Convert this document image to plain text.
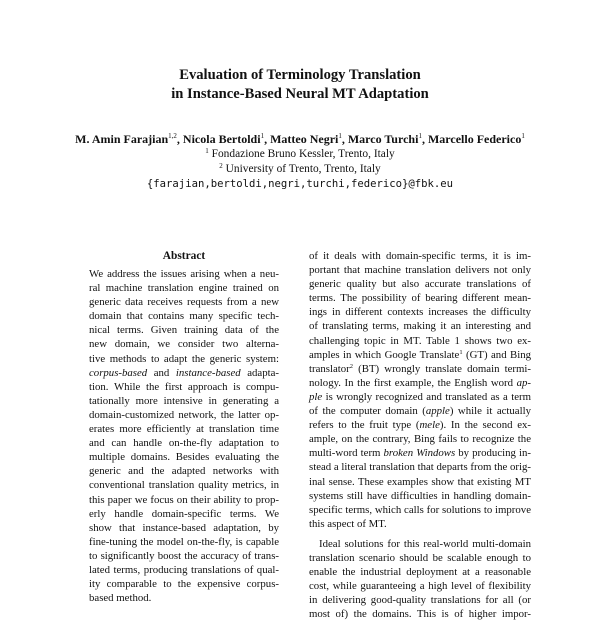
Evaluation of Terminology Translation
in Instance-Based Neural MT Adaptation
M. Amin Farajian$^{1,2}$, Nicola Bertoldi$^1$, Matteo Negri$^1$, Marco Turchi$^1$, Marcello Federico$^1$
$^1$ Fondazione Bruno Kessler, Trento, Italy
$^2$ University of Trento, Trento, Italy
{farajian,bertoldi,negri,turchi,federico}@fbk.eu
Abstract
We address the issues arising when a neu-
ral machine translation engine trained on
generic data receives requests from a new
domain that contains many specific tech-
nical terms. Given training data of the
new domain, we consider two alterna-
tive methods to adapt the generic system:
corpus-based and instance-based adapta-
tion. While the first approach is compu-
tationally more intensive in generating a
domain-customized network, the latter op-
erates more efficiently at translation time
and can handle on-the-fly adaptation to
multiple domains. Besides evaluating the
generic and the adapted networks with
conventional translation quality metrics, in
this paper we focus on their ability to prop-
erly handle domain-specific terms. We
show that instance-based adaptation, by
fine-tuning the model on-the-fly, is capable
to significantly boost the accuracy of trans-
lated terms, producing translations of qual-
ity comparable to the expensive corpus-
based method.
of it deals with domain-specific terms, it is im-
portant that machine translation delivers not only
generic quality but also accurate translations of
terms. The possibility of bearing different mean-
ings in different contexts increases the difficulty
of translating terms, making it an interesting and
challenging topic in MT. Table 1 shows two ex-
amples in which Google Translate$^1$ (GT) and Bing
translator$^2$ (BT) wrongly translate domain termi-
nology. In the first example, the English word ap-
ple is wrongly recognized and translated as a term
of the computer domain (apple) while it actually
refers to the fruit type (mele). In the second ex-
ample, on the contrary, Bing fails to recognize the
multi-word term broken Windows by producing in-
stead a literal translation that departs from the orig-
inal sense. These examples show that existing MT
systems still have difficulties in handling domain-
specific terms, which calls for solutions to improve
this aspect of MT.
Ideal solutions for this real-world multi-domain
translation scenario should be scalable enough to
enable the industrial deployment at a reasonable
cost, while guaranteeing a high level of flexibility
in delivering good-quality translations for all (or
most of) the domains. This is of higher impor-
